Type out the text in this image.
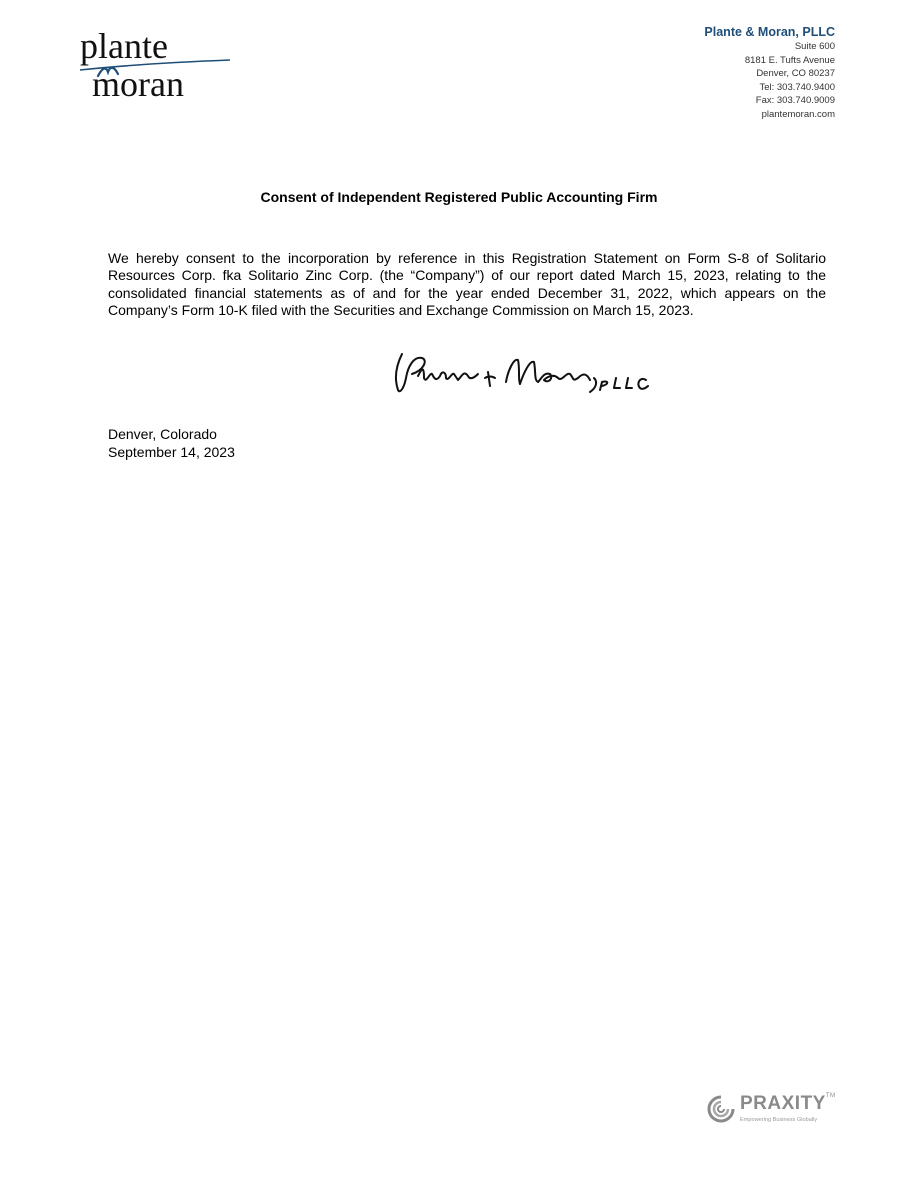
plante
moran
Plante & Moran, PLLC
Suite 600
8181 E. Tufts Avenue
Denver, CO 80237
Tel: 303.740.9400
Fax: 303.740.9009
plantemoran.com
Consent of Independent Registered Public Accounting Firm
We hereby consent to the incorporation by reference in this Registration Statement on Form S-8 of Solitario Resources Corp. fka Solitario Zinc Corp. (the “Company”) of our report dated March 15, 2023, relating to the consolidated financial statements as of and for the year ended December 31, 2022, which appears on the Company’s Form 10-K filed with the Securities and Exchange Commission on March 15, 2023.
Denver, Colorado
September 14, 2023
PRAXITY™
Empowering Business Globally
